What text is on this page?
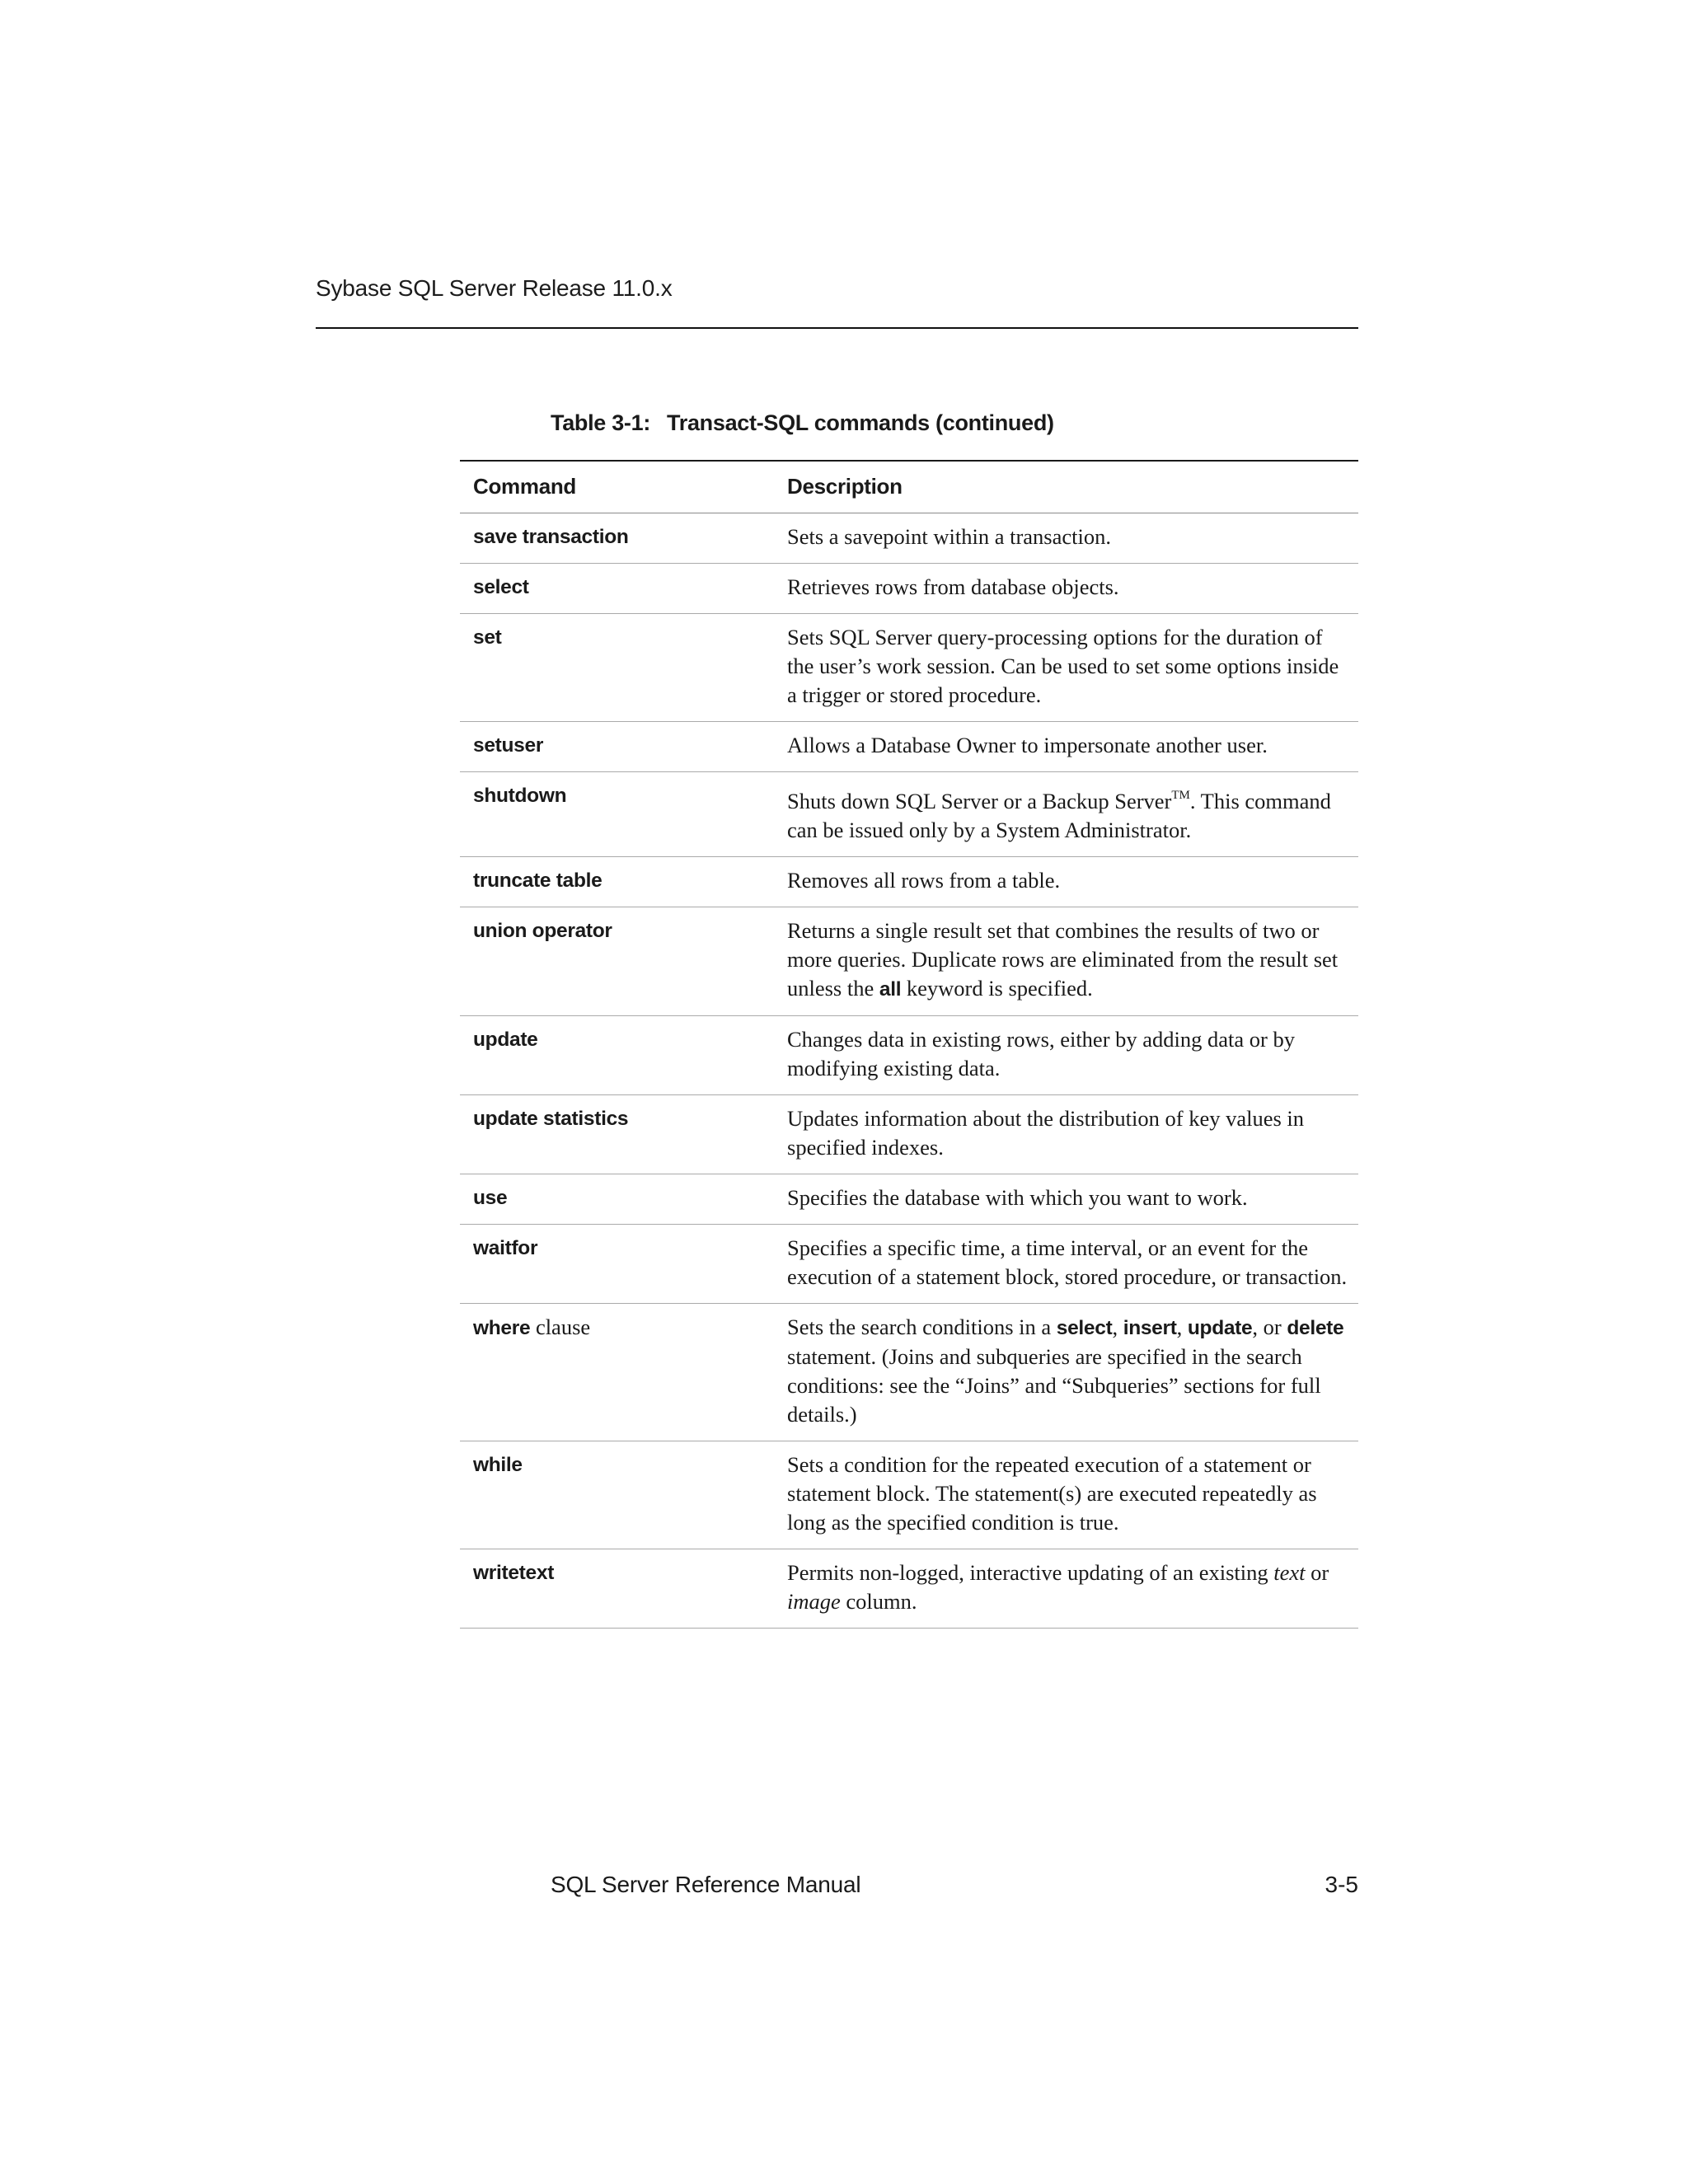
Sybase SQL Server Release 11.0.x
Table 3-1: Transact-SQL commands (continued)
Command	Description
save transaction	Sets a savepoint within a transaction.
select	Retrieves rows from database objects.
set	Sets SQL Server query-processing options for the duration of the user’s work session. Can be used to set some options inside a trigger or stored procedure.
setuser	Allows a Database Owner to impersonate another user.
shutdown	Shuts down SQL Server or a Backup Server™. This command can be issued only by a System Administrator.
truncate table	Removes all rows from a table.
union operator	Returns a single result set that combines the results of two or more queries. Duplicate rows are eliminated from the result set unless the all keyword is specified.
update	Changes data in existing rows, either by adding data or by modifying existing data.
update statistics	Updates information about the distribution of key values in specified indexes.
use	Specifies the database with which you want to work.
waitfor	Specifies a specific time, a time interval, or an event for the execution of a statement block, stored procedure, or transaction.
where clause	Sets the search conditions in a select, insert, update, or delete statement. (Joins and subqueries are specified in the search conditions: see the “Joins” and “Subqueries” sections for full details.)
while	Sets a condition for the repeated execution of a statement or statement block. The statement(s) are executed repeatedly as long as the specified condition is true.
writetext	Permits non-logged, interactive updating of an existing text or image column.
SQL Server Reference Manual	3-5
